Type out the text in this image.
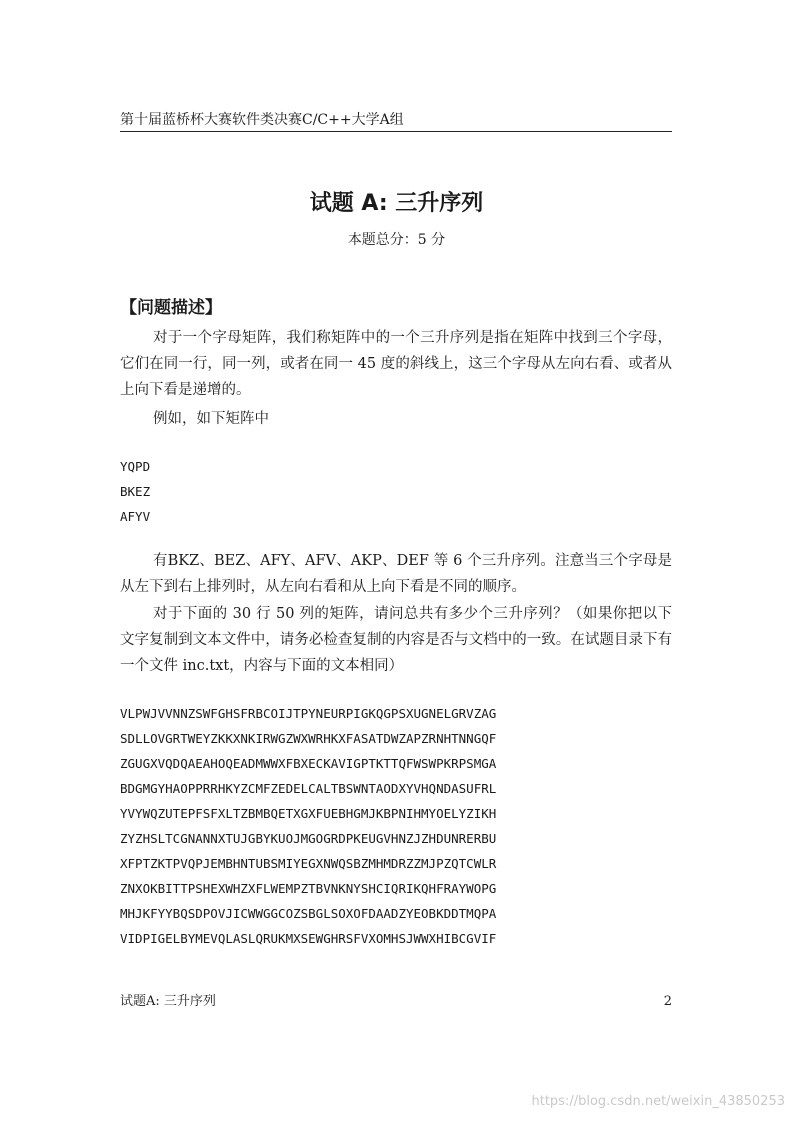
第十届蓝桥杯大赛软件类决赛C/C++大学A组
试题 A: 三升序列
本题总分：5 分
【问题描述】
对于一个字母矩阵，我们称矩阵中的一个三升序列是指在矩阵中找到三个字母，它们在同一行，同一列，或者在同一 45 度的斜线上，这三个字母从左向右看、或者从上向下看是递增的。
例如，如下矩阵中
YQPD
BKEZ
AFYV
有BKZ、BEZ、AFY、AFV、AKP、DEF 等 6 个三升序列。注意当三个字母是从左下到右上排列时，从左向右看和从上向下看是不同的顺序。
对于下面的 30 行 50 列的矩阵，请问总共有多少个三升序列？（如果你把以下文字复制到文本文件中，请务必检查复制的内容是否与文档中的一致。在试题目录下有一个文件 inc.txt，内容与下面的文本相同）
VLPWJVVNNZSWFGHSFRBCOIJTPYNEURPIGKQGPSXUGNELGRVZAG
SDLLOVGRTWEYZKKXNKIRWGZWXWRHKXFASATDWZAPZRNHTNNGQF
ZGUGXVQDQAEAHOQEADMWWXFBXECKAVIGPTKTTQFWSWPKRPSMGA
BDGMGYHAOPPRRHKYZCMFZEDELCALTBSWNTAODXYVHQNDASUFRL
YVYWQZUTEPFSFXLTZBMBQETXGXFUEBHGMJKBPNIHMYOELYZIKH
ZYZHSLTCGNANNXTUJGBYKUOJMGOGRDPKEUGVHNZJZHDUNRERBU
XFPTZKTPVQPJEMBHNTUBSMIYEGXNWQSBZMHMDRZZMJPZQTCWLR
ZNXOKBITTPSHEXWHZXFLWEMPZTBVNKNYSHCIQRIKQHFRAYWOPG
MHJKFYYBQSDPOVJICWWGGCOZSBGLSOXOFDAADZYEOBKDDTMQPA
VIDPIGELBYMEVQLASLQRUKMXSEWGHRSFVXOMHSJWWXHIBCGVIF
试题A: 三升序列	2
https://blog.csdn.net/weixin_43850253
